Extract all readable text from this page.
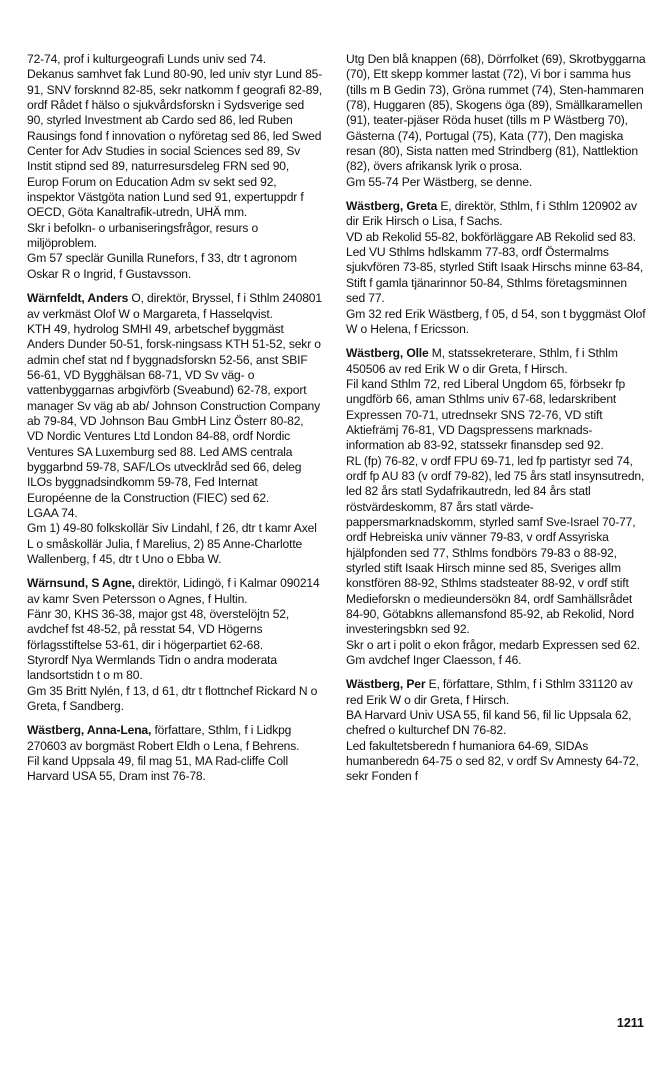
72-74, prof i kulturgeografi Lunds univ sed 74.

Dekanus samhvet fak Lund 80-90, led univ styr Lund 85-91, SNV forsknnd 82-85, sekr natkomm f geografi 82-89, ordf Rådet f hälso o sjukvårdsforskn i Sydsverige sed 90, styrled Investment ab Cardo sed 86, led Ruben Rausings fond f innovation o nyföretag sed 86, led Swed Center for Adv Studies in social Sciences sed 89, Sv Instit stipnd sed 89, naturresursdeleg FRN sed 90, Europ Forum on Education Adm sv sekt sed 92, inspektor Västgöta nation Lund sed 91, expertuppdr f OECD, Göta Kanaltrafik-utredn, UHÄ mm.

Skr i befolkn- o urbaniseringsfrågor, resurs o miljöproblem.

Gm 57 speclär Gunilla Runefors, f 33, dtr t agronom Oskar R o Ingrid, f Gustavsson.

Wärnfeldt, Anders O, direktör, Bryssel, f i Sthlm 240801 av verkmäst Olof W o Margareta, f Hasselqvist.

KTH 49, hydrolog SMHI 49, arbetschef byggmäst Anders Dunder 50-51, forsk-ningsass KTH 51-52, sekr o admin chef stat nd f byggnadsforskn 52-56, anst SBIF 56-61, VD Bygghälsan 68-71, VD Sv väg- o vattenbyggarnas arbgivförb (Sveabund) 62-78, export manager Sv väg ab ab/ Johnson Construction Company ab 79-84, VD Johnson Bau GmbH Linz Österr 80-82, VD Nordic Ventures Ltd London 84-88, ordf Nordic Ventures SA Luxemburg sed 88. Led AMS centrala byggarbnd 59-78, SAF/LOs utvecklråd sed 66, deleg ILOs byggnadsindkomm 59-78, Fed Internat Européenne de la Construction (FIEC) sed 62.

LGAA 74.

Gm 1) 49-80 folkskollär Siv Lindahl, f 26, dtr t kamr Axel L o småskollär Julia, f Marelius, 2) 85 Anne-Charlotte Wallenberg, f 45, dtr t Uno o Ebba W.

Wärnsund, S Agne, direktör, Lidingö, f i Kalmar 090214 av kamr Sven Petersson o Agnes, f Hultin.

Fänr 30, KHS 36-38, major gst 48, överstelöjtn 52, avdchef fst 48-52, på resstat 54, VD Högerns förlagsstiftelse 53-61, dir i högerpartiet 62-68.

Styrordf Nya Wermlands Tidn o andra moderata landsortstidn t o m 80.

Gm 35 Britt Nylén, f 13, d 61, dtr t flottnchef Rickard N o Greta, f Sandberg.

Wästberg, Anna-Lena, författare, Sthlm, f i Lidkpg 270603 av borgmäst Robert Eldh o Lena, f Behrens.

Fil kand Uppsala 49, fil mag 51, MA Rad-cliffe Coll Harvard USA 55, Dram inst 76-78.

Utg Den blå knappen (68), Dörrfolket (69), Skrotbyggarna (70), Ett skepp kommer lastat (72), Vi bor i samma hus (tills m B Gedin 73), Gröna rummet (74), Sten-hammaren (78), Huggaren (85), Skogens öga (89), Smällkaramellen (91), teater-pjäser Röda huset (tills m P Wästberg 70), Gästerna (74), Portugal (75), Kata (77), Den magiska resan (80), Sista natten med Strindberg (81), Nattlektion (82), övers afrikansk lyrik o prosa.

Gm 55-74 Per Wästberg, se denne.

Wästberg, Greta E, direktör, Sthlm, f i Sthlm 120902 av dir Erik Hirsch o Lisa, f Sachs.

VD ab Rekolid 55-82, bokförläggare AB Rekolid sed 83.

Led VU Sthlms hdlskamm 77-83, ordf Östermalms sjukvfören 73-85, styrled Stift Isaak Hirschs minne 63-84, Stift f gamla tjänarinnor 50-84, Sthlms företagsminnen sed 77.

Gm 32 red Erik Wästberg, f 05, d 54, son t byggmäst Olof W o Helena, f Ericsson.

Wästberg, Olle M, statssekreterare, Sthlm, f i Sthlm 450506 av red Erik W o dir Greta, f Hirsch.

Fil kand Sthlm 72, red Liberal Ungdom 65, förbsekr fp ungdförb 66, aman Sthlms univ 67-68, ledarskribent Expressen 70-71, utrednsekr SNS 72-76, VD stift Aktiefrämj 76-81, VD Dagspressens marknads-information ab 83-92, statssekr finansdep sed 92.

RL (fp) 76-82, v ordf FPU 69-71, led fp partistyr sed 74, ordf fp AU 83 (v ordf 79-82), led 75 års statl insynsutredn, led 82 års statl Sydafrikautredn, led 84 års statl röstvärdeskomm, 87 års statl värde-pappersmarknadskomm, styrled samf Sve-Israel 70-77, ordf Hebreiska univ vänner 79-83, v ordf Assyriska hjälpfonden sed 77, Sthlms fondbörs 79-83 o 88-92, styrled stift Isaak Hirsch minne sed 85, Sveriges allm konstfören 88-92, Sthlms stadsteater 88-92, v ordf stift Medieforskn o medieundersökn 84, ordf Samhällsrådet 84-90, Götabkns allemansfond 85-92, ab Rekolid, Nord investeringsbkn sed 92.

Skr o art i polit o ekon frågor, medarb Expressen sed 62.

Gm avdchef Inger Claesson, f 46.

Wästberg, Per E, författare, Sthlm, f i Sthlm 331120 av red Erik W o dir Greta, f Hirsch.

BA Harvard Univ USA 55, fil kand 56, fil lic Uppsala 62, chefred o kulturchef DN 76-82.

Led fakultetsberedn f humaniora 64-69, SIDAs humanberedn 64-75 o sed 82, v ordf Sv Amnesty 64-72, sekr Fonden f

1211
